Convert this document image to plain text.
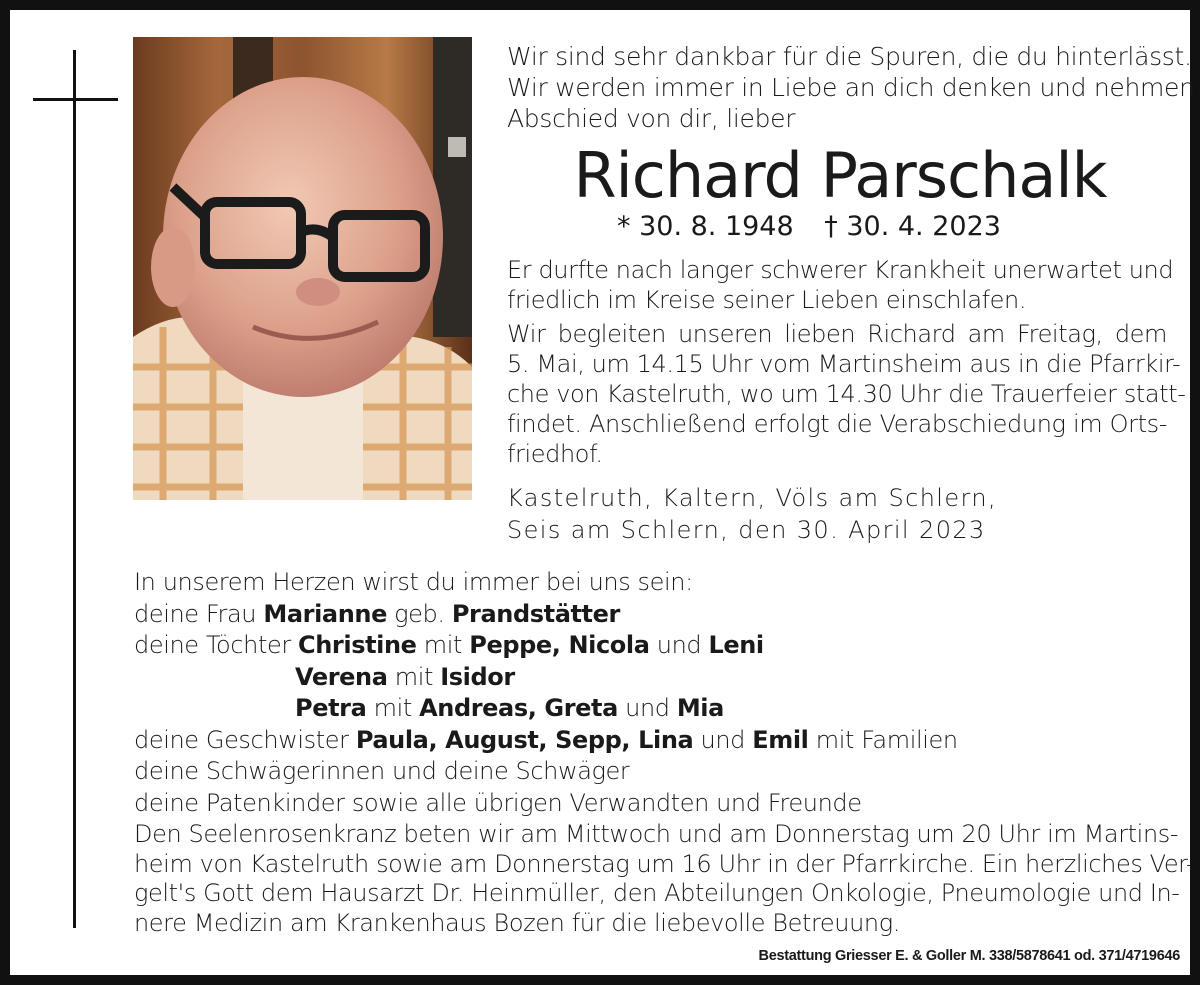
Wir sind sehr dankbar für die Spuren, die du hinterlässt.
Wir werden immer in Liebe an dich denken und nehmen
Abschied von dir, lieber
Richard Parschalk
* 30. 8. 1948 † 30. 4. 2023
Er durfte nach langer schwerer Krankheit unerwartet und
friedlich im Kreise seiner Lieben einschlafen.
Wir begleiten unseren lieben Richard am Freitag, dem
5. Mai, um 14.15 Uhr vom Martinsheim aus in die Pfarrkir-
che von Kastelruth, wo um 14.30 Uhr die Trauerfeier statt-
findet. Anschließend erfolgt die Verabschiedung im Orts-
friedhof.
Kastelruth, Kaltern, Völs am Schlern,
Seis am Schlern, den 30. April 2023
In unserem Herzen wirst du immer bei uns sein:
deine Frau Marianne geb. Prandstätter
deine Töchter Christine mit Peppe, Nicola und Leni
Verena mit Isidor
Petra mit Andreas, Greta und Mia
deine Geschwister Paula, August, Sepp, Lina und Emil mit Familien
deine Schwägerinnen und deine Schwäger
deine Patenkinder sowie alle übrigen Verwandten und Freunde
Den Seelenrosenkranz beten wir am Mittwoch und am Donnerstag um 20 Uhr im Martins-
heim von Kastelruth sowie am Donnerstag um 16 Uhr in der Pfarrkirche. Ein herzliches Ver-
gelt's Gott dem Hausarzt Dr. Heinmüller, den Abteilungen Onkologie, Pneumologie und In-
nere Medizin am Krankenhaus Bozen für die liebevolle Betreuung.
Bestattung Griesser E. & Goller M. 338/5878641 od. 371/4719646
